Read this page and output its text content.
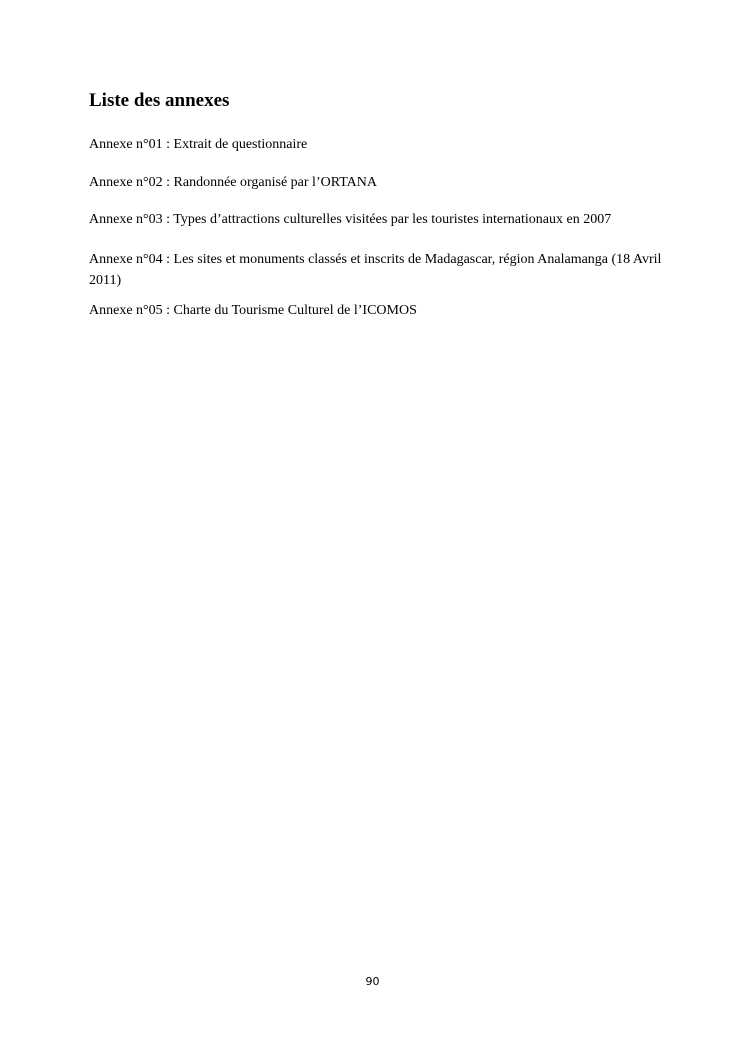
Liste des annexes

Annexe n°01 : Extrait de questionnaire

Annexe n°02 : Randonnée organisé par l’ORTANA

Annexe n°03 : Types d’attractions culturelles visitées par les touristes internationaux en 2007

Annexe n°04 : Les sites et monuments classés et inscrits de Madagascar, région Analamanga (18 Avril 2011)

Annexe n°05 : Charte du Tourisme Culturel de l’ICOMOS

90
